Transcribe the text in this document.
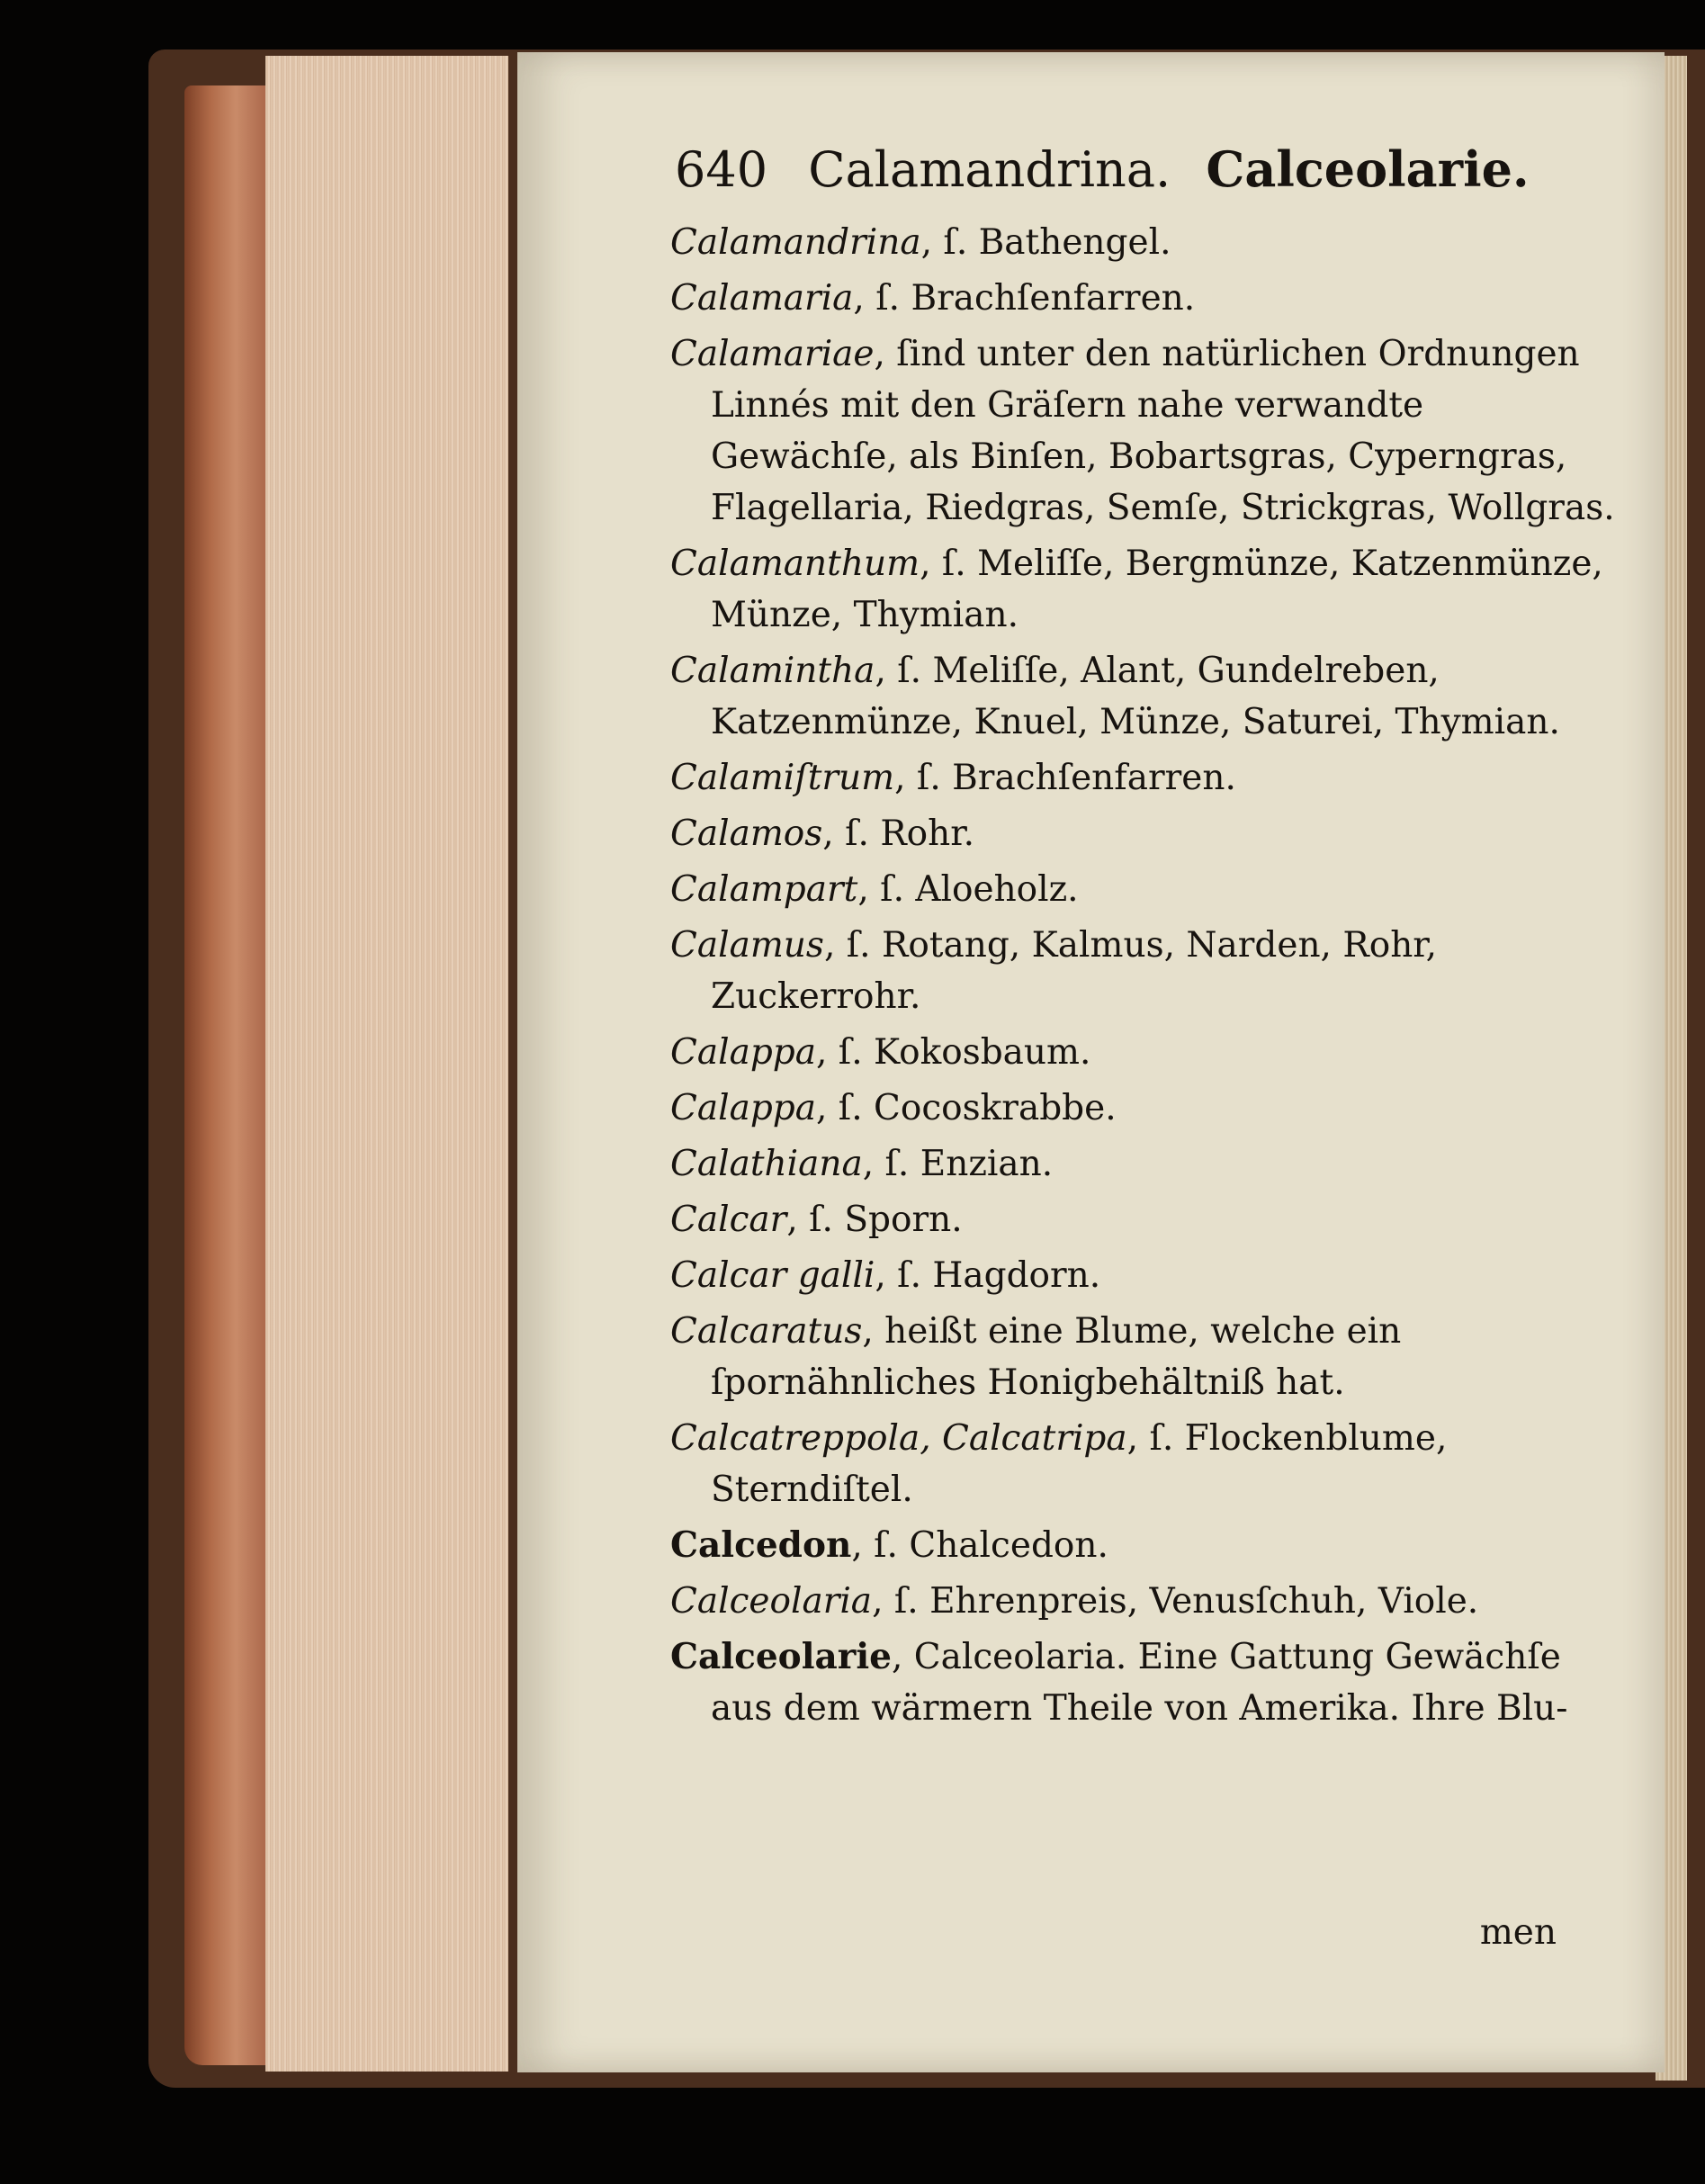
640 Calamandrina. Calceolarie.
Calamandrina, ſ. Bathengel.
Calamaria, ſ. Brachſenfarren.
Calamariae, ſind unter den natürlichen Ordnungen Linnés mit den Gräſern nahe verwandte Gewächſe, als Binſen, Bobartsgras, Cyperngras, Flagellaria, Riedgras, Semſe, Strickgras, Wollgras.
Calamanthum, ſ. Meliſſe, Bergmünze, Katzenmünze, Münze, Thymian.
Calamintha, ſ. Meliſſe, Alant, Gundelreben, Katzenmünze, Knuel, Münze, Saturei, Thymian.
Calamiſtrum, ſ. Brachſenfarren.
Calamos, ſ. Rohr.
Calampart, ſ. Aloeholz.
Calamus, ſ. Rotang, Kalmus, Narden, Rohr, Zuckerrohr.
Calappa, ſ. Kokosbaum.
Calappa, ſ. Cocoskrabbe.
Calathiana, ſ. Enzian.
Calcar, ſ. Sporn.
Calcar galli, ſ. Hagdorn.
Calcaratus, heißt eine Blume, welche ein ſpornähnliches Honigbehältniß hat.
Calcatreppola, Calcatripa, ſ. Flockenblume, Sterndiſtel.
Calcedon, ſ. Chalcedon.
Calceolaria, ſ. Ehrenpreis, Venusſchuh, Viole.
Calceolarie, Calceolaria. Eine Gattung Gewächſe aus dem wärmern Theile von Amerika. Ihre Blu-
men
